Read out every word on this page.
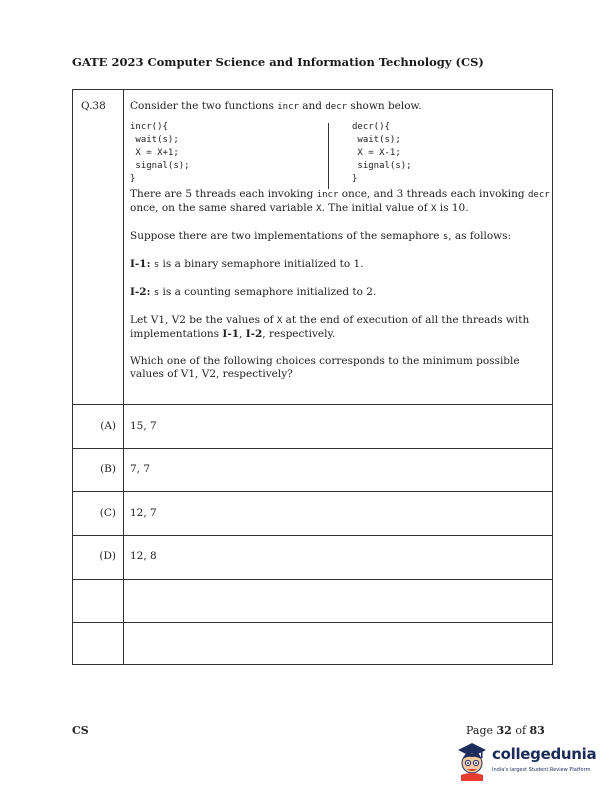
GATE 2023 Computer Science and Information Technology (CS)
Q.38 Consider the two functions incr and decr shown below.

incr(){
wait(s);
X = X+1;
signal(s);
}
decr(){
wait(s);
X = X-1;
signal(s);
}

There are 5 threads each invoking incr once, and 3 threads each invoking decr once, on the same shared variable X. The initial value of X is 10.

Suppose there are two implementations of the semaphore s, as follows:

I-1: s is a binary semaphore initialized to 1.

I-2: s is a counting semaphore initialized to 2.

Let V1, V2 be the values of X at the end of execution of all the threads with implementations I-1, I-2, respectively.

Which one of the following choices corresponds to the minimum possible values of V1, V2, respectively?

(A)	15, 7
(B)	7, 7
(C)	12, 7
(D)	12, 8
CS	Page 32 of 83
collegedunia
India's largest Student Review Platform
